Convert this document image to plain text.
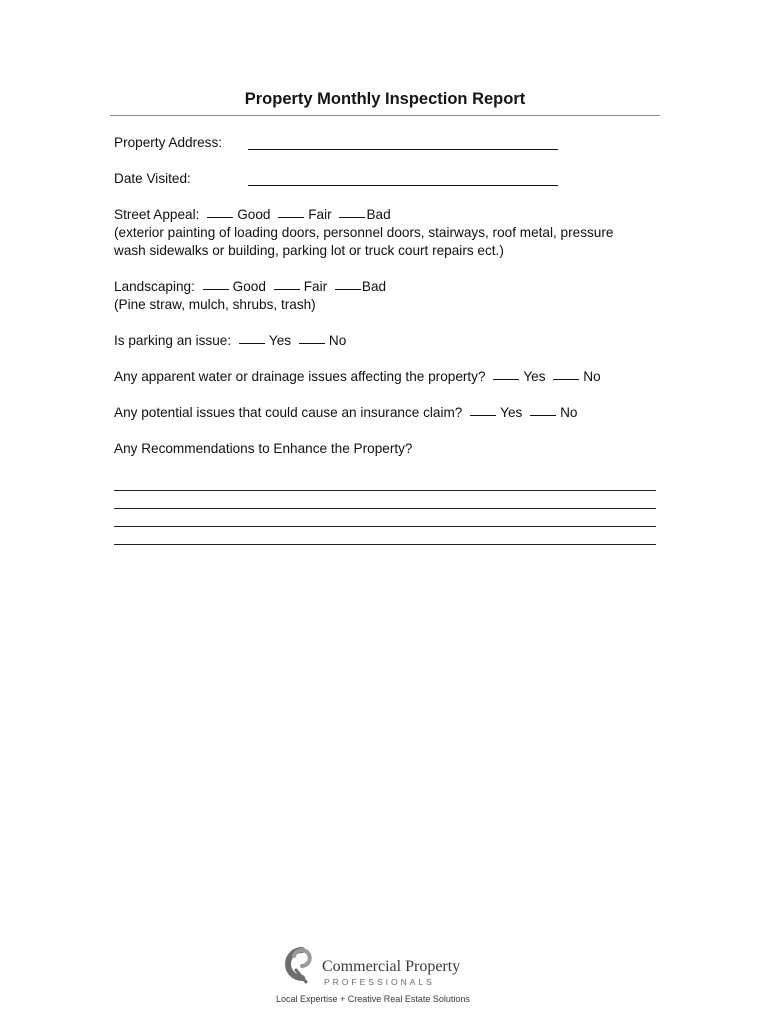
Property Monthly Inspection Report
Property Address:
Date Visited:
Street Appeal:	Good	Fair	Bad
(exterior painting of loading doors, personnel doors, stairways, roof metal, pressure
wash sidewalks or building, parking lot or truck court repairs ect.)
Landscaping:	Good	Fair	Bad
(Pine straw, mulch, shrubs, trash)
Is parking an issue:	Yes	No
Any apparent water or drainage issues affecting the property?	Yes	No
Any potential issues that could cause an insurance claim?	Yes	No
Any Recommendations to Enhance the Property?
Commercial Property
PROFESSIONALS
Local Expertise + Creative Real Estate Solutions
